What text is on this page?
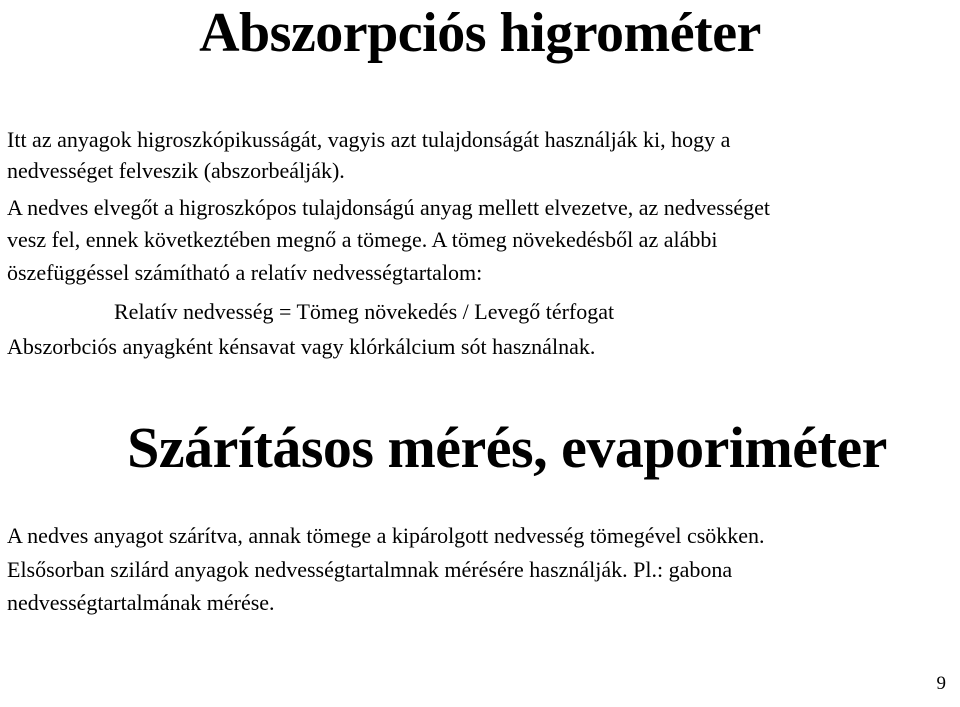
Abszorpciós higrométer

Itt az anyagok higroszkópikusságát, vagyis azt tulajdonságát használják ki, hogy a

nedvességet felveszik (abszorbeálják).

A nedves elvegőt a higroszkópos tulajdonságú anyag mellett elvezetve, az nedvességet

vesz fel, ennek következtében megnő a tömege. A tömeg növekedésből az alábbi

öszefüggéssel számítható a relatív nedvességtartalom:

Relatív nedvesség = Tömeg növekedés / Levegő térfogat

Abszorbciós anyagként kénsavat vagy klórkálcium sót használnak.

Szárításos mérés, evaporiméter

A nedves anyagot szárítva, annak tömege a kipárolgott nedvesség tömegével csökken.

Elsősorban szilárd anyagok nedvességtartalmnak mérésére használják. Pl.: gabona

nedvességtartalmának mérése.

9
